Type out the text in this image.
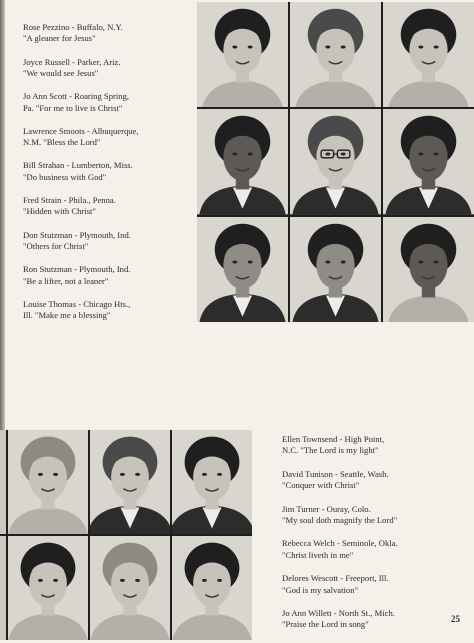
Rose Pezzino - Buffalo, N.Y.
"A gleaner for Jesus"
Joyce Russell - Parker, Ariz.
"We would see Jesus"
Jo Ann Scott - Roaring Spring,
Pa. "For me to live is Christ"
Lawrence Smoots - Albuquerque,
N.M. "Bless the Lord"
Bill Strahan - Lumberton, Miss.
"Do business with God"
Fred Strain - Phila., Penna.
"Hidden with Christ"
Don Stutzman - Plymouth, Ind.
"Others for Christ"
Ron Stutzman - Plymouth, Ind.
"Be a lifter, not a leaner"
Louise Thomas - Chicago Hts.,
Ill. "Make me a blessing"
Ellen Townsend - High Point,
N.C. "The Lord is my light"
David Tunison - Seattle, Wash.
"Conquer with Christ"
Jim Turner - Ouray, Colo.
"My soul doth magnify the Lord"
Rebecca Welch - Seminole, Okla.
"Christ liveth in me"
Delores Wescott - Freeport, Ill.
"God is my salvation"
Jo Ann Willett - North St., Mich.
"Praise the Lord in song"
25
